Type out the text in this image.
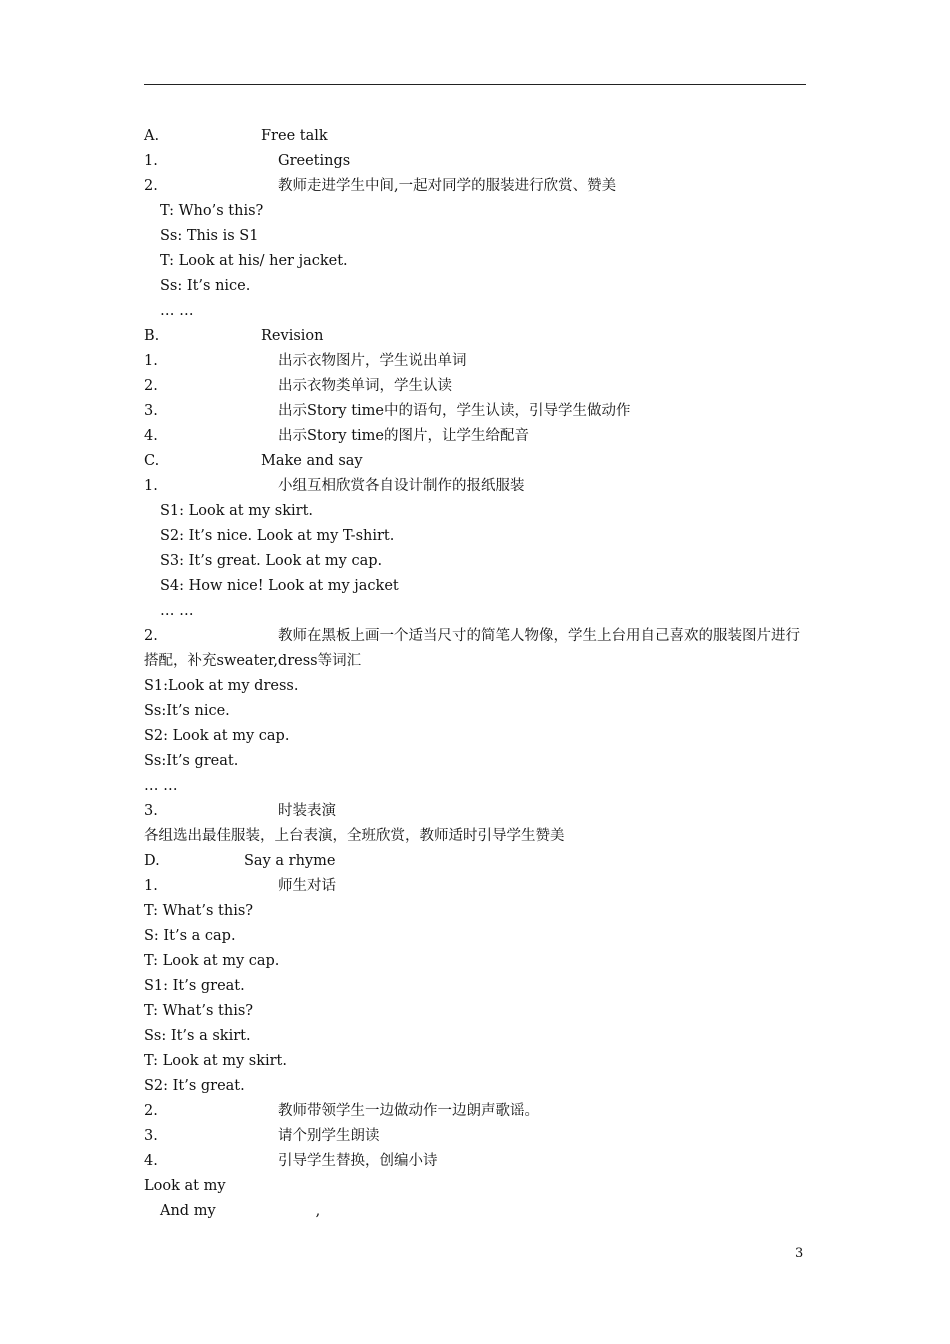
A.	Free talk
1.	Greetings
2.	教师走进学生中间,一起对同学的服装进行欣赏、赞美
T: Who’s this?
Ss: This is S1
T: Look at his/ her jacket.
Ss: It’s nice.
… …
B.	Revision
1.	出示衣物图片，学生说出单词
2.	出示衣物类单词，学生认读
3.	出示Story time中的语句，学生认读，引导学生做动作
4.	出示Story time的图片，让学生给配音
C.	Make and say
1.	小组互相欣赏各自设计制作的报纸服装
S1: Look at my skirt.
S2: It’s nice. Look at my T-shirt.
S3: It’s great. Look at my cap.
S4: How nice! Look at my jacket
… …
2.	教师在黑板上画一个适当尺寸的简笔人物像，学生上台用自己喜欢的服装图片进行搭配，补充sweater,dress等词汇
S1:Look at my dress.
Ss:It’s nice.
S2: Look at my cap.
Ss:It’s great.
… …
3.	时装表演
各组选出最佳服装，上台表演，全班欣赏，教师适时引导学生赞美
D.	Say a rhyme
1.	师生对话
T: What’s this?
S: It’s a cap.
T: Look at my cap.
S1: It’s great.
T: What’s this?
Ss: It’s a skirt.
T: Look at my skirt.
S2: It’s great.
2.	教师带领学生一边做动作一边朗声歌谣。
3.	请个别学生朗读
4.	引导学生替换，创编小诗
Look at my
And my	,
3
